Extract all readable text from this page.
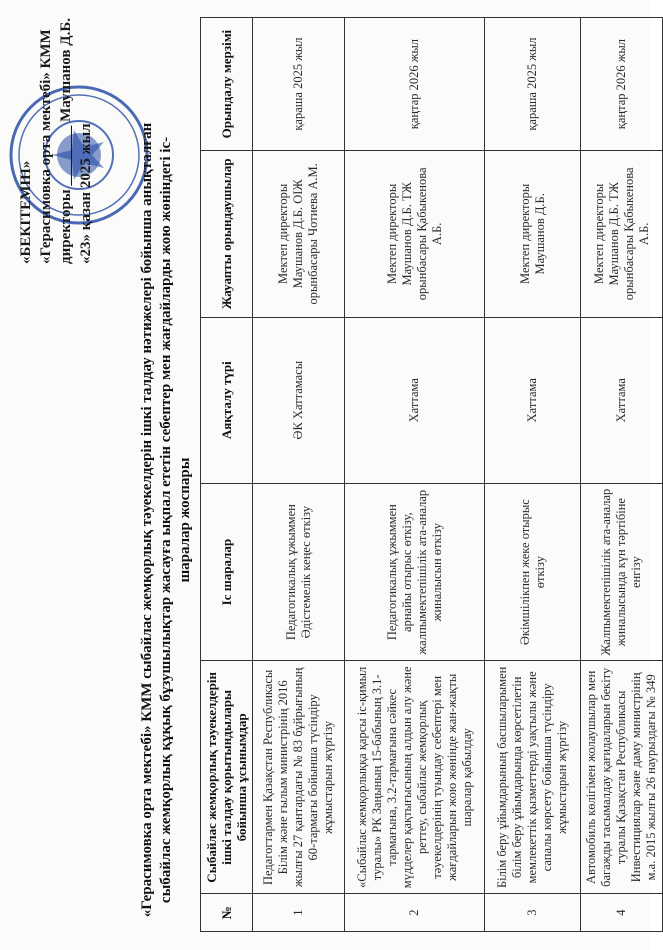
«БЕКІТЕМІН» «Герасимовка орта мектебі» КММ директоры ________ Маушанов Д.Б. «23» қазан 2025 жыл	«Герасимовка орта мектебі» КММ сыбайлас жемқорлық тәуекелдерін ішкі талдау нәтижелері бойынша анықталған сыбайлас жемқорлық құқық бұзушылықтар жасауға ықпал ететін себептер мен жағдайларды жою жөніндегі іс- шаралар жоспары
№	Сыбайлас жемқорлық тәуекелдерін ішкі талдау қорытындылары бойынша ұсынымдар	Іс шаралар	Аяқталу түрі	Жауапты орындаушылар	Орындалу мерзімі
1	Педагогтармен Қазақстан Республикасы Білім және ғылым министрінің 2016 жылғы 27 қантардағы № 83 бұйрығының 60-тармағы бойынша түсіндіру жұмыстарын жүргізу	Педагогикалық ұжыммен Әдістемелік кеңес өткізу	ӘК Хаттамасы	Мектеп директоры Маушанов Д.Б. ОІЖ орынбасары Чотиева А.М.	қараша 2025 жыл
2	«Сыбайлас жемқорлыққа қарсы іс-қимыл туралы» РК Заңының 15-бабының 3.1-тармағына, 3.2-тармағына сәйкес мүдделер қақтығысының алдын алу және реттеу, сыбайлас жемқорлық тәуекелдерінің туындау себептері мен жағдайларын жою жөнінде жан-жақты шаралар қабылдау	Педагогикалық ұжыммен арнайы отырыс өткізу, жалпымектепішілік ата-аналар жиналысын өткізу	Хаттама	Мектеп директоры Маушанов Д.Б. ТЖ орынбасары Қабыкенова А.Б.	қаңтар 2026 жыл
3	Білім беру ұйымдарының басшыларымен білім беру ұйымдарында көрсетілетін мемлекеттік қызметтерді уақтылы және сапалы көрсету бойынша түсіндіру жұмыстарын жүргізу	Әкімшілікпен жеке отырыс өткізу	Хаттама	Мектеп директоры Маушанов Д.Б.	қараша 2025 жыл
4	Автомобиль көлігімен жолаушылар мен багажды тасымалдау қағидаларын бекіту туралы Қазақстан Республикасы Инвестициялар және даму министрінің м.а. 2015 жылғы 26 наурыздағы № 349	Жалпымектепішілік ата-аналар жиналысында күн тәртібіне енгізу	Хаттама	Мектеп директоры Маушанов Д.Б. ТЖ орынбасары Қабыкенова А.Б.	қаңтар 2026 жыл
